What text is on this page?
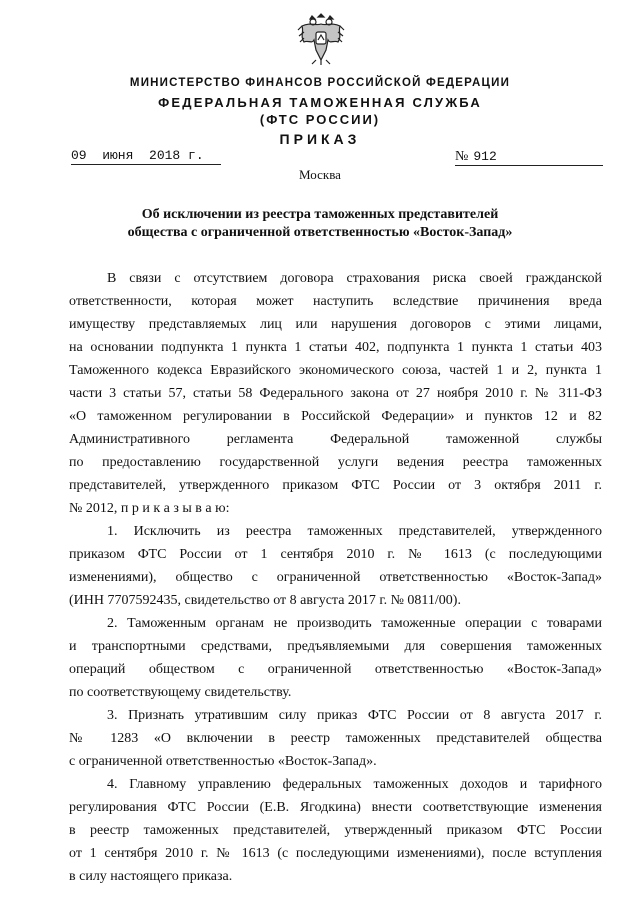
МИНИСТЕРСТВО ФИНАНСОВ РОССИЙСКОЙ ФЕДЕРАЦИИ
ФЕДЕРАЛЬНАЯ ТАМОЖЕННАЯ СЛУЖБА
(ФТС РОССИИ)
ПРИКАЗ
09  июня  2018 г.	№ 912
Москва
Об исключении из реестра таможенных представителей
общества с ограниченной ответственностью «Восток-Запад»
В связи с отсутствием договора страхования риска своей гражданской
ответственности, которая может наступить вследствие причинения вреда
имуществу представляемых лиц или нарушения договоров с этими лицами,
на основании подпункта 1 пункта 1 статьи 402, подпункта 1 пункта 1 статьи 403
Таможенного кодекса Евразийского экономического союза, частей 1 и 2, пункта 1
части 3 статьи 57, статьи 58 Федерального закона от 27 ноября 2010 г. № 311-ФЗ
«О таможенном регулировании в Российской Федерации» и пунктов 12 и 82
Административного регламента Федеральной таможенной службы
по предоставлению государственной услуги ведения реестра таможенных
представителей, утвержденного приказом ФТС России от 3 октября 2011 г.
№ 2012, п р и к а з ы в а ю:
1. Исключить из реестра таможенных представителей, утвержденного
приказом ФТС России от 1 сентября 2010 г. № 1613 (с последующими
изменениями), общество с ограниченной ответственностью «Восток-Запад»
(ИНН 7707592435, свидетельство от 8 августа 2017 г. № 0811/00).
2. Таможенным органам не производить таможенные операции с товарами
и транспортными средствами, предъявляемыми для совершения таможенных
операций обществом с ограниченной ответственностью «Восток-Запад»
по соответствующему свидетельству.
3. Признать утратившим силу приказ ФТС России от 8 августа 2017 г.
№ 1283 «О включении в реестр таможенных представителей общества
с ограниченной ответственностью «Восток-Запад».
4. Главному управлению федеральных таможенных доходов и тарифного
регулирования ФТС России (Е.В. Ягодкина) внести соответствующие изменения
в реестр таможенных представителей, утвержденный приказом ФТС России
от 1 сентября 2010 г. № 1613 (с последующими изменениями), после вступления
в силу настоящего приказа.
